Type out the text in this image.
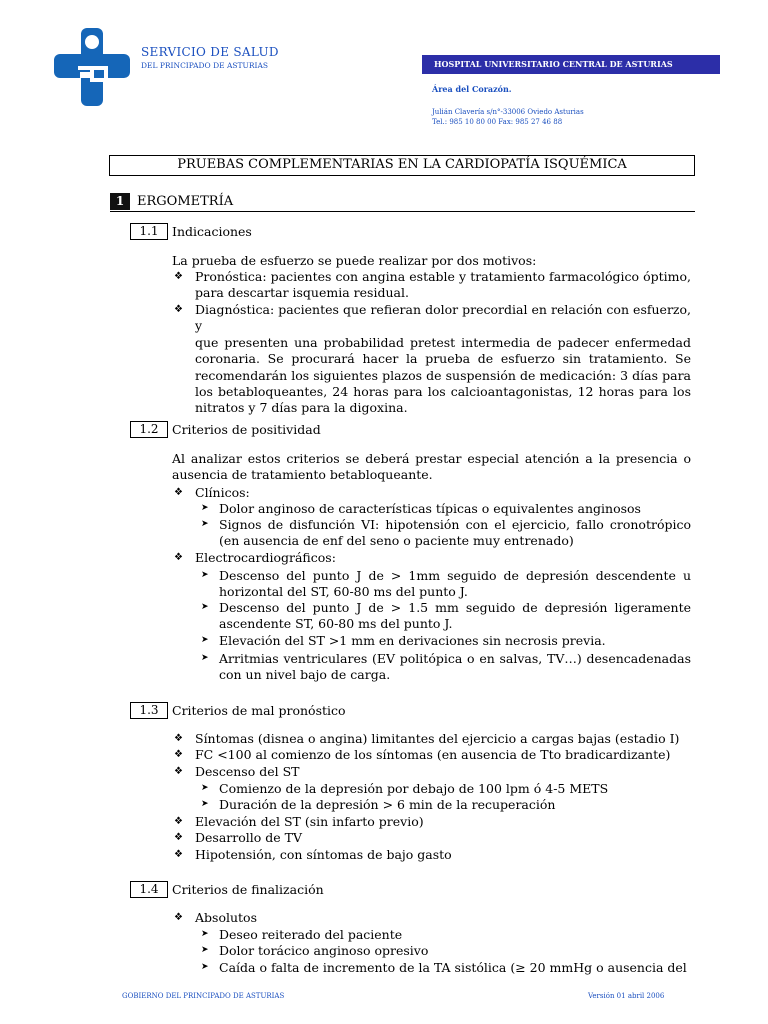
SERVICIO DE SALUD
DEL PRINCIPADO DE ASTURIAS	HOSPITAL UNIVERSITARIO CENTRAL DE ASTURIAS
Área del Corazón.
Julián Clavería s/n°-33006 Oviedo Asturias
Tel.: 985 10 80 00 Fax: 985 27 46 88
PRUEBAS COMPLEMENTARIAS EN LA CARDIOPATÍA ISQUÉMICA
1 ERGOMETRÍA
1.1	Indicaciones
La prueba de esfuerzo se puede realizar por dos motivos:
❖ Pronóstica: pacientes con angina estable y tratamiento farmacológico óptimo,
para descartar isquemia residual.
❖ Diagnóstica: pacientes que refieran dolor precordial en relación con esfuerzo, y
que presenten una probabilidad pretest intermedia de padecer enfermedad
coronaria. Se procurará hacer la prueba de esfuerzo sin tratamiento. Se
recomendarán los siguientes plazos de suspensión de medicación: 3 días para
los betabloqueantes, 24 horas para los calcioantagonistas, 12 horas para los
nitratos y 7 días para la digoxina.
1.2	Criterios de positividad
Al analizar estos criterios se deberá prestar especial atención a la presencia o
ausencia de tratamiento betabloqueante.
❖ Clínicos:
➤ Dolor anginoso de características típicas o equivalentes anginosos
➤ Signos de disfunción VI: hipotensión con el ejercicio, fallo cronotrópico
(en ausencia de enf del seno o paciente muy entrenado)
❖ Electrocardiográficos:
➤ Descenso del punto J de > 1mm seguido de depresión descendente u
horizontal del ST, 60-80 ms del punto J.
➤ Descenso del punto J de > 1.5 mm seguido de depresión ligeramente
ascendente ST, 60-80 ms del punto J.
➤ Elevación del ST >1 mm en derivaciones sin necrosis previa.
➤ Arritmias ventriculares (EV politópica o en salvas, TV…) desencadenadas
con un nivel bajo de carga.
1.3	Criterios de mal pronóstico
❖ Síntomas (disnea o angina) limitantes del ejercicio a cargas bajas (estadio I)
❖ FC <100 al comienzo de los síntomas (en ausencia de Tto bradicardizante)
❖ Descenso del ST
➤ Comienzo de la depresión por debajo de 100 lpm ó 4-5 METS
➤ Duración de la depresión > 6 min de la recuperación
❖ Elevación del ST (sin infarto previo)
❖ Desarrollo de TV
❖ Hipotensión, con síntomas de bajo gasto
1.4	Criterios de finalización
❖ Absolutos
➤ Deseo reiterado del paciente
➤ Dolor torácico anginoso opresivo
➤ Caída o falta de incremento de la TA sistólica (≥ 20 mmHg o ausencia del
GOBIERNO DEL PRINCIPADO DE ASTURIAS	Versión 01 abril 2006
